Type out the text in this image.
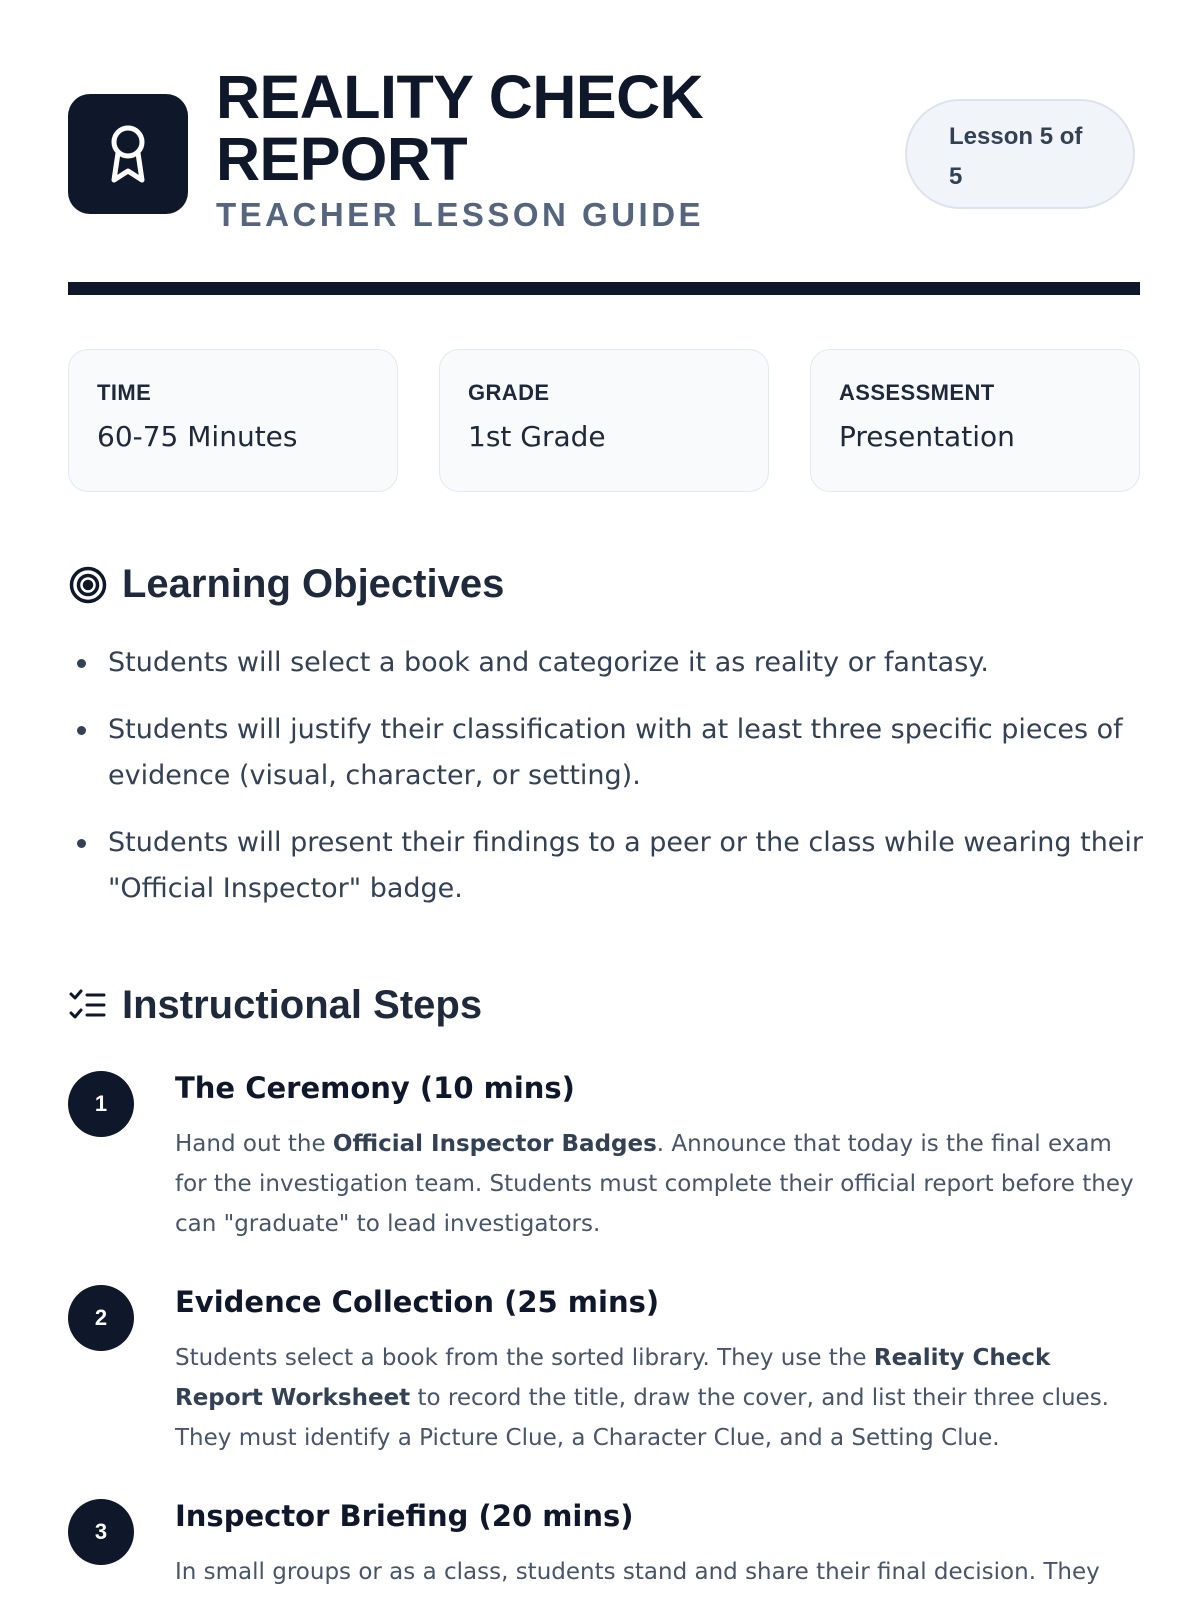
REALITY CHECK
REPORT
TEACHER LESSON GUIDE
Lesson 5 of
5
TIME
60-75 Minutes
GRADE
1st Grade
ASSESSMENT
Presentation
Learning Objectives
Students will select a book and categorize it as reality or fantasy.
Students will justify their classification with at least three specific pieces of evidence (visual, character, or setting).
Students will present their findings to a peer or the class while wearing their "Official Inspector" badge.
Instructional Steps
1	The Ceremony (10 mins)
Hand out the Official Inspector Badges. Announce that today is the final exam for the investigation team. Students must complete their official report before they can "graduate" to lead investigators.
2	Evidence Collection (25 mins)
Students select a book from the sorted library. They use the Reality Check Report Worksheet to record the title, draw the cover, and list their three clues. They must identify a Picture Clue, a Character Clue, and a Setting Clue.
3	Inspector Briefing (20 mins)
In small groups or as a class, students stand and share their final decision. They
